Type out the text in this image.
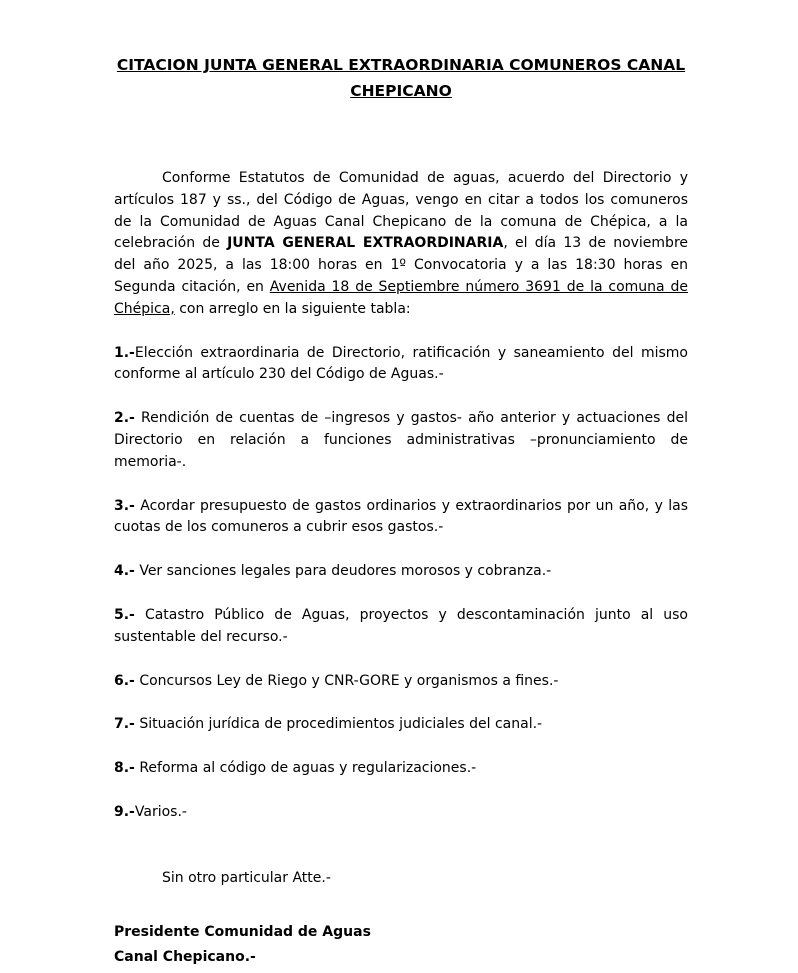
CITACION JUNTA GENERAL EXTRAORDINARIA COMUNEROS CANAL CHEPICANO

Conforme Estatutos de Comunidad de aguas, acuerdo del Directorio y artículos 187 y ss., del Código de Aguas, vengo en citar a todos los comuneros de la Comunidad de Aguas Canal Chepicano de la comuna de Chépica, a la celebración de JUNTA GENERAL EXTRAORDINARIA, el día 13 de noviembre del año 2025, a las 18:00 horas en 1º Convocatoria y a las 18:30 horas en Segunda citación, en Avenida 18 de Septiembre número 3691 de la comuna de Chépica, con arreglo en la siguiente tabla:

1.-Elección extraordinaria de Directorio, ratificación y saneamiento del mismo conforme al artículo 230 del Código de Aguas.-

2.- Rendición de cuentas de –ingresos y gastos- año anterior y actuaciones del Directorio en relación a funciones administrativas –pronunciamiento de memoria-.

3.- Acordar presupuesto de gastos ordinarios y extraordinarios por un año, y las cuotas de los comuneros a cubrir esos gastos.-

4.- Ver sanciones legales para deudores morosos y cobranza.-

5.- Catastro Público de Aguas, proyectos y descontaminación junto al uso sustentable del recurso.-

6.- Concursos Ley de Riego y CNR-GORE y organismos a fines.-

7.- Situación jurídica de procedimientos judiciales del canal.-

8.- Reforma al código de aguas y regularizaciones.-

9.-Varios.-

Sin otro particular Atte.-

Presidente Comunidad de Aguas
Canal Chepicano.-
